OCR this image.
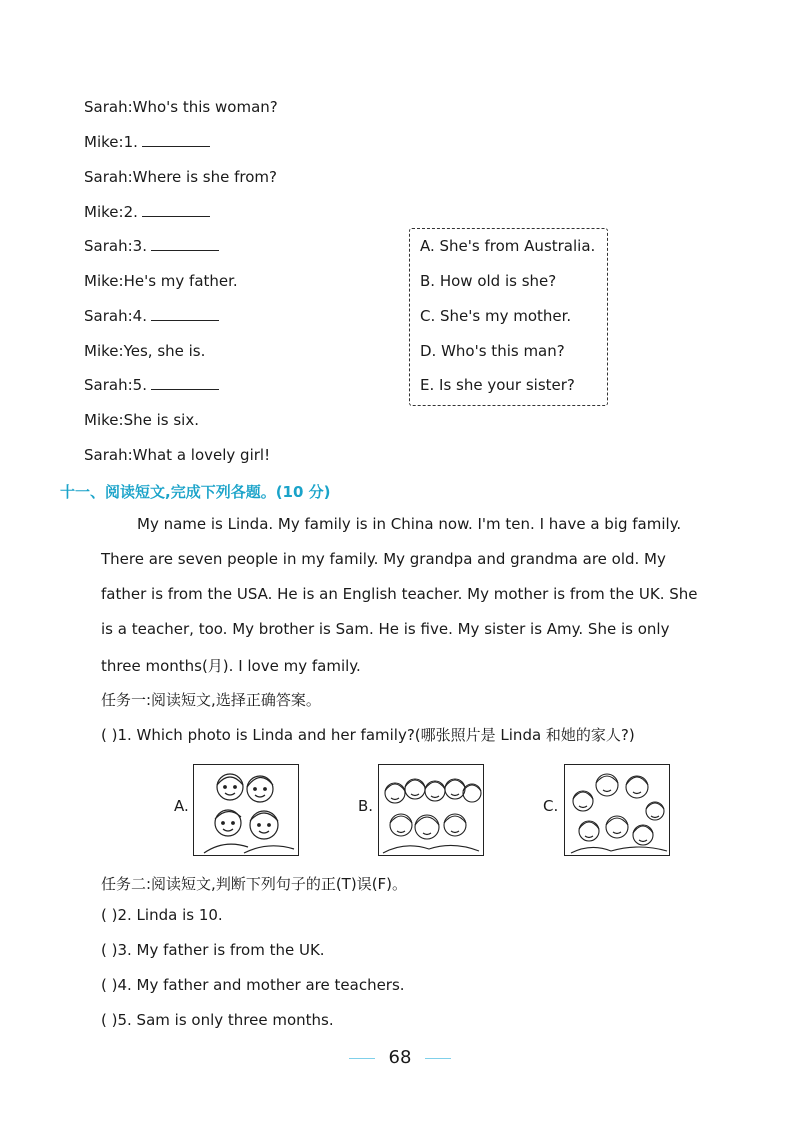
Sarah:Who's this woman?
Mike:1.
Sarah:Where is she from?
Mike:2.
Sarah:3.
Mike:He's my father.
Sarah:4.
Mike:Yes, she is.
Sarah:5.
Mike:She is six.
Sarah:What a lovely girl!
A. She's from Australia.
B. How old is she?
C. She's my mother.
D. Who's this man?
E. Is she your sister?
十一、阅读短文,完成下列各题。(10 分)
My name is Linda. My family is in China now. I'm ten. I have a big family.
There are seven people in my family. My grandpa and grandma are old. My
father is from the USA. He is an English teacher. My mother is from the UK. She
is a teacher, too. My brother is Sam. He is five. My sister is Amy. She is only
three months(月). I love my family.
任务一:阅读短文,选择正确答案。
( )1. Which photo is Linda and her family?(哪张照片是 Linda 和她的家人?)
A.	B.	C.
任务二:阅读短文,判断下列句子的正(T)误(F)。
( )2. Linda is 10.
( )3. My father is from the UK.
( )4. My father and mother are teachers.
( )5. Sam is only three months.
68
